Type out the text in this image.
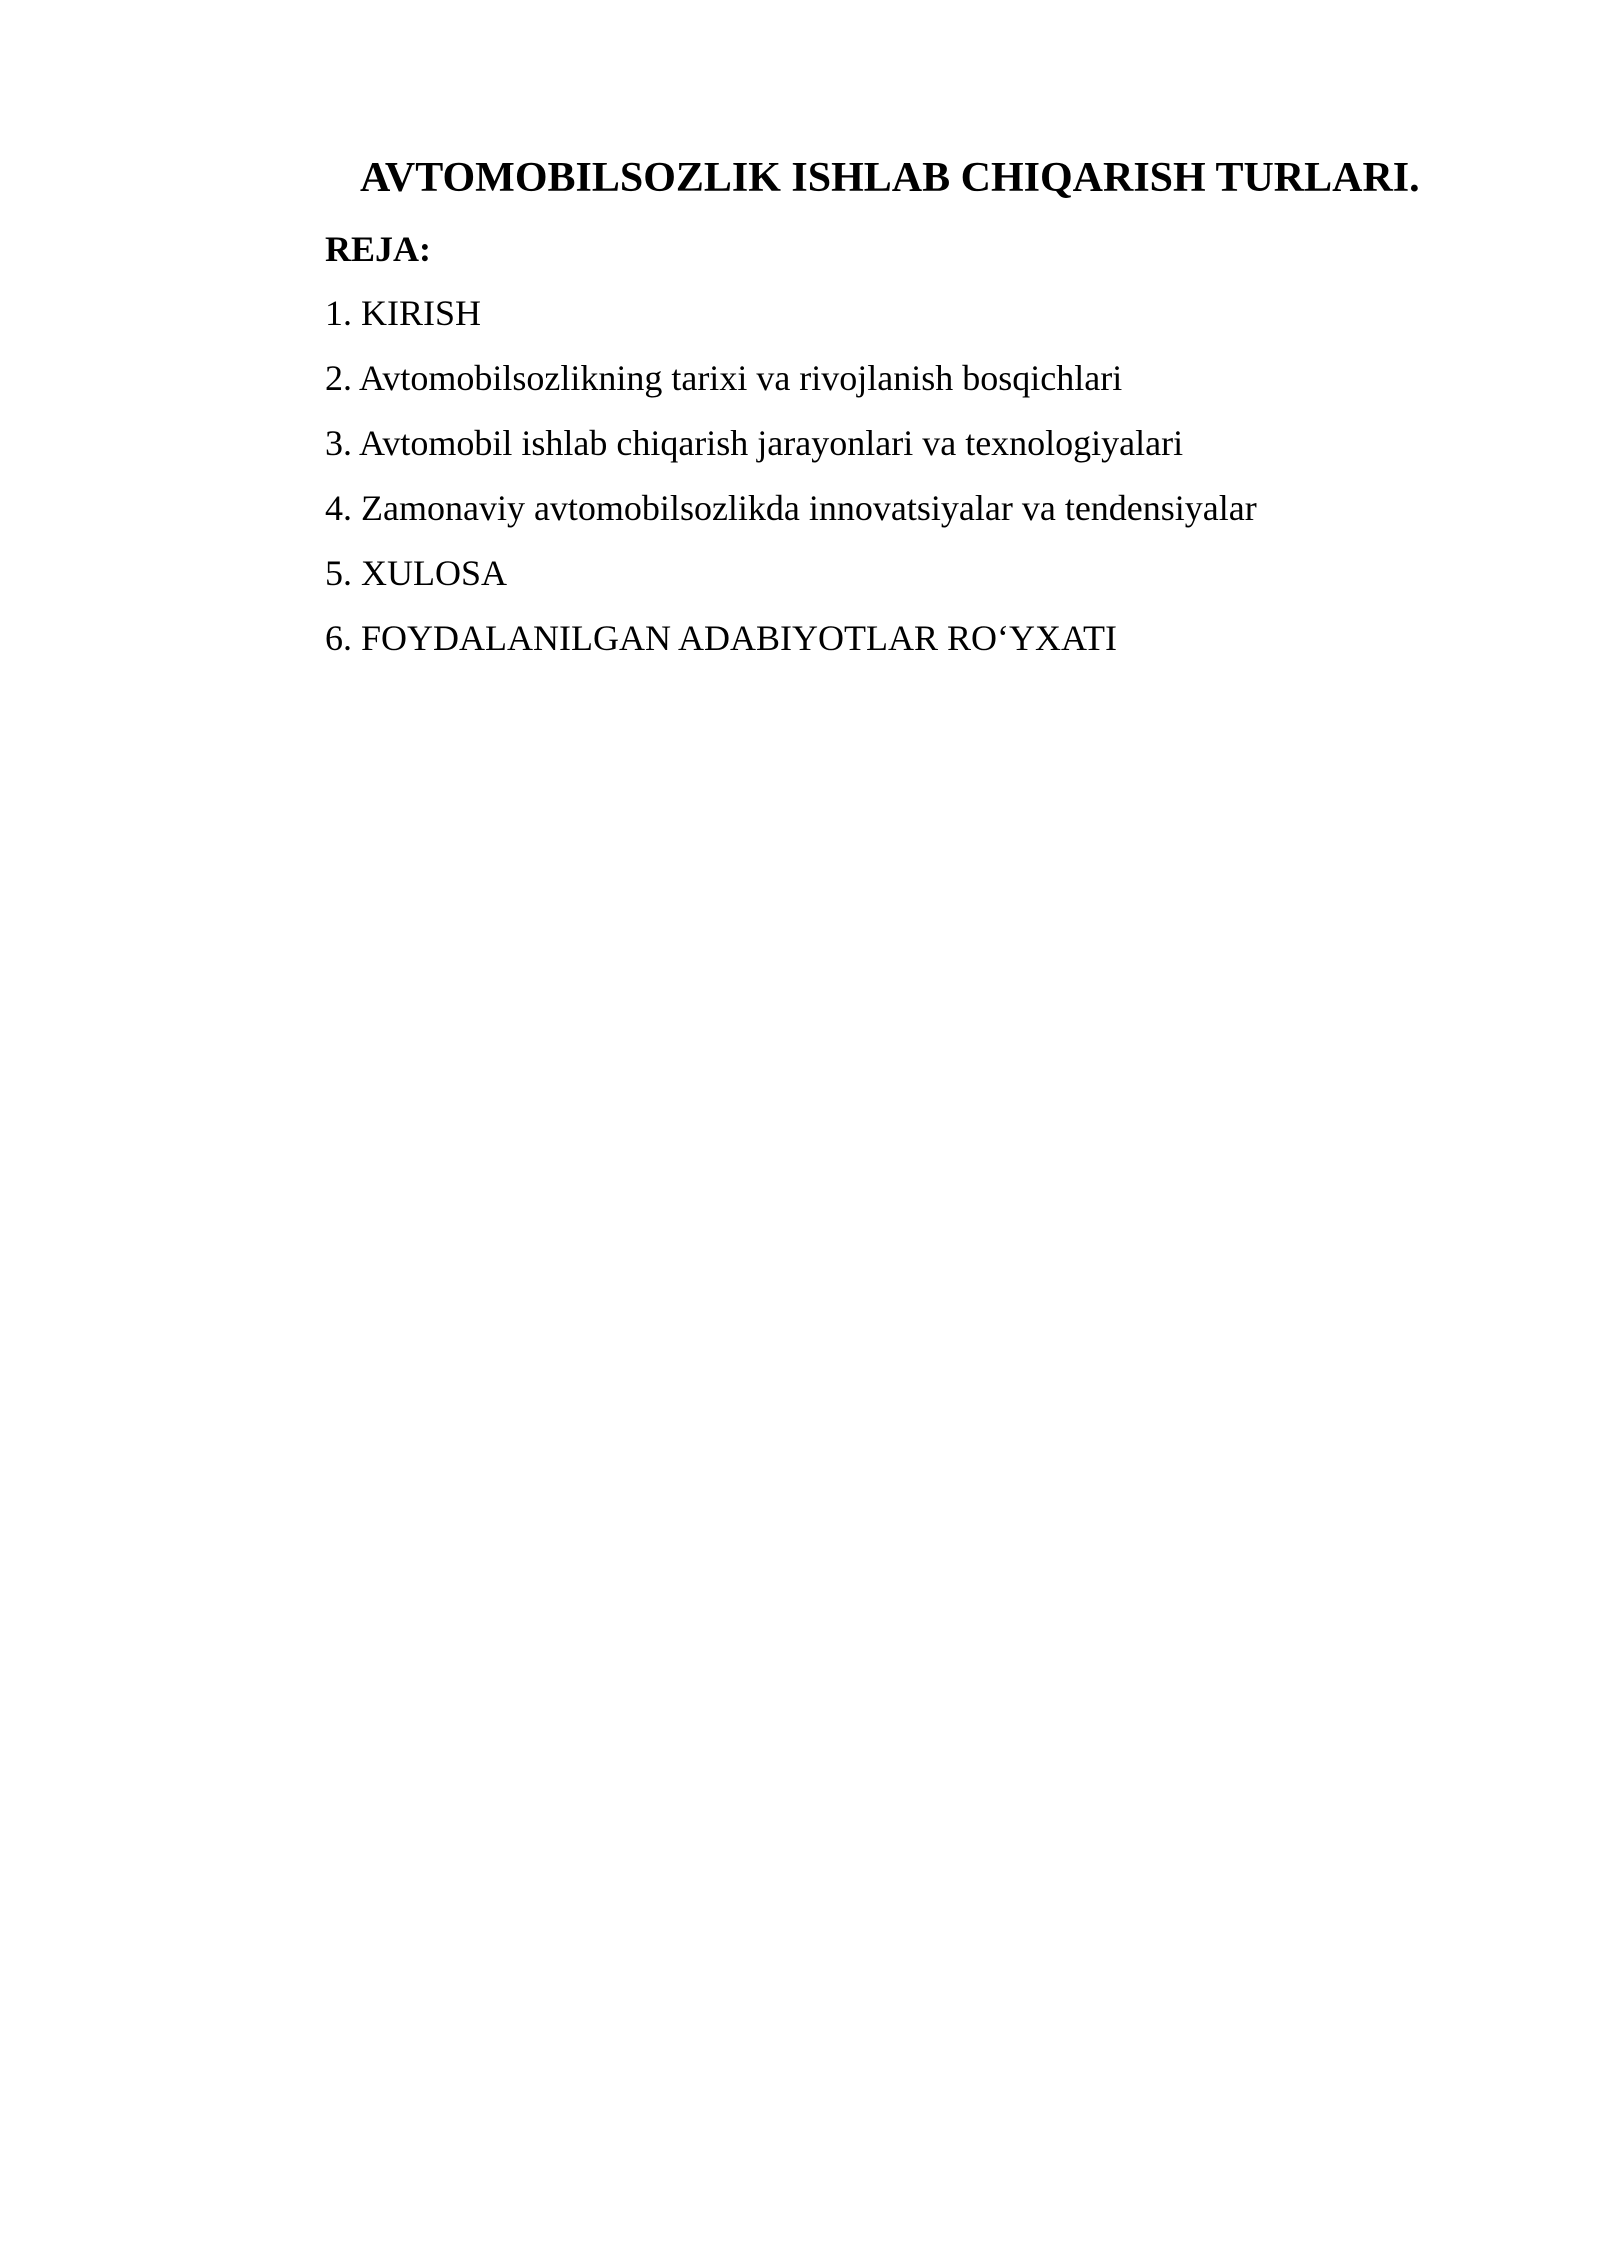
AVTOMOBILSOZLIK ISHLAB CHIQARISH TURLARI.
REJA:
1. KIRISH
2. Avtomobilsozlikning tarixi va rivojlanish bosqichlari
3. Avtomobil ishlab chiqarish jarayonlari va texnologiyalari
4. Zamonaviy avtomobilsozlikda innovatsiyalar va tendensiyalar
5. XULOSA
6. FOYDALANILGAN ADABIYOTLAR RO‘YXATI
